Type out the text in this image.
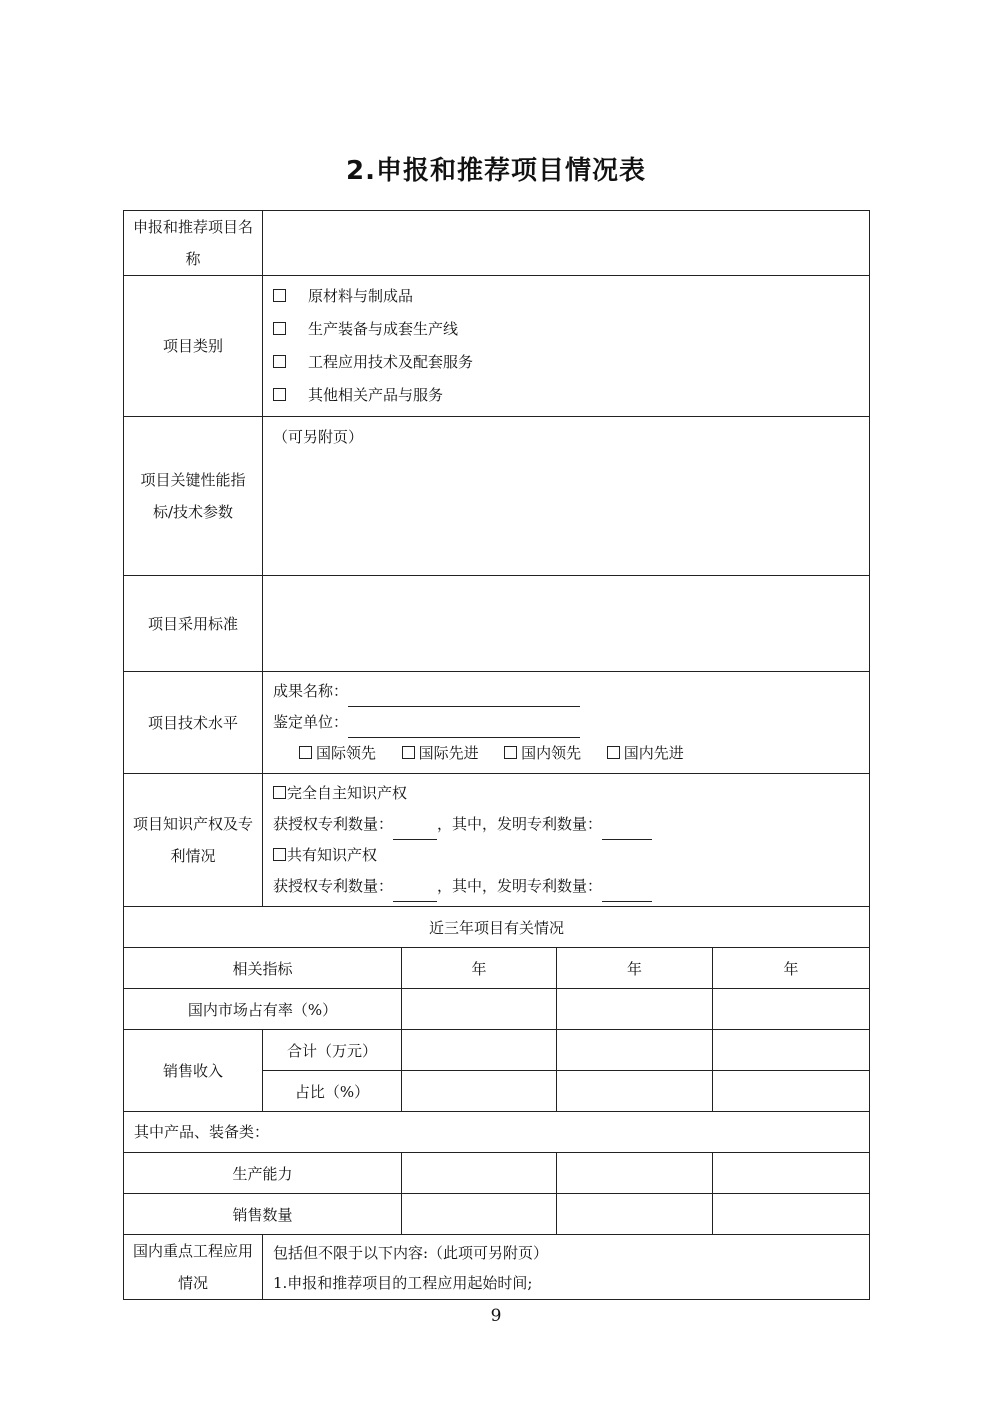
2.申报和推荐项目情况表
申报和推荐项目名称				
项目类别	原材料与制成品
生产装备与成套生产线
工程应用技术及配套服务
其他相关产品与服务			

项目关键性能指标/技术参数	（可另附页）			
项目采用标准				
项目技术水平	成果名称：
鉴定单位：
国际领先 国际先进 国内领先 国内先进			

项目知识产权及专利情况	完全自主知识产权
获授权专利数量： ，其中，发明专利数量：
共有知识产权
获授权专利数量： ，其中，发明专利数量：			

近三年项目有关情况				
相关指标		年	年	年
国内市场占有率（%）				
销售收入	合计（万元）			
	占比（%）			
其中产品、装备类：				
生产能力				
销售数量				
国内重点工程应用情况	包括但不限于以下内容:（此项可另附页）
1.申报和推荐项目的工程应用起始时间;			
9
